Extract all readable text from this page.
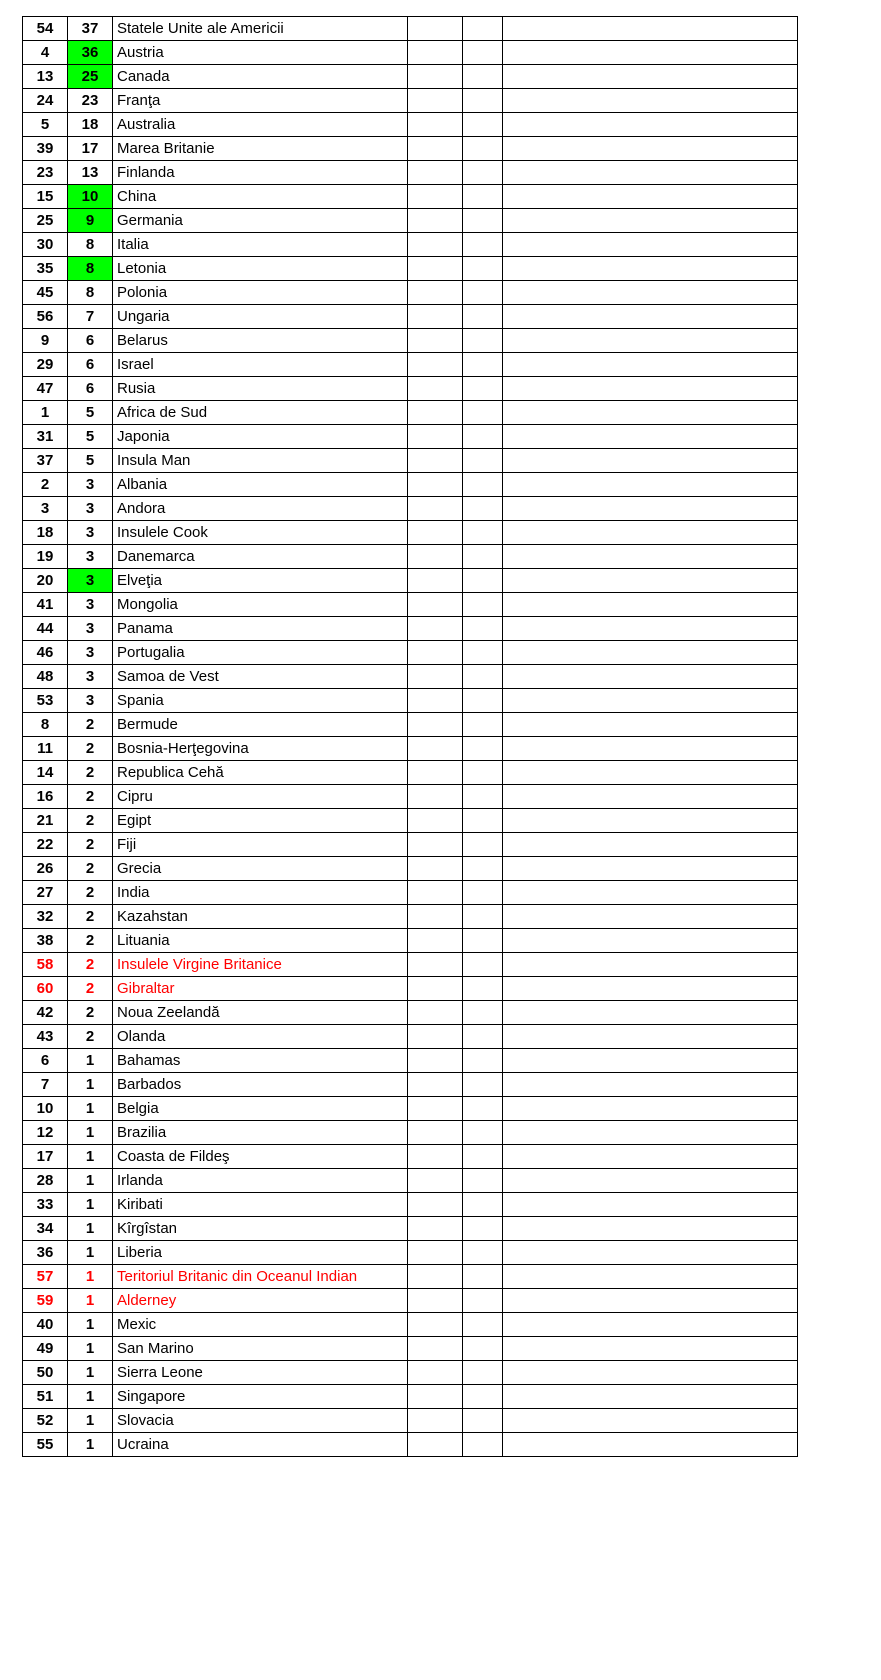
54	37	Statele Unite ale Americii			
4	36	Austria			
13	25	Canada			
24	23	Franţa			
5	18	Australia			
39	17	Marea Britanie			
23	13	Finlanda			
15	10	China			
25	9	Germania			
30	8	Italia			
35	8	Letonia			
45	8	Polonia			
56	7	Ungaria			
9	6	Belarus			
29	6	Israel			
47	6	Rusia			
1	5	Africa de Sud			
31	5	Japonia			
37	5	Insula Man			
2	3	Albania			
3	3	Andora			
18	3	Insulele Cook			
19	3	Danemarca			
20	3	Elveţia			
41	3	Mongolia			
44	3	Panama			
46	3	Portugalia			
48	3	Samoa de Vest			
53	3	Spania			
8	2	Bermude			
11	2	Bosnia-Herţegovina			
14	2	Republica Cehă			
16	2	Cipru			
21	2	Egipt			
22	2	Fiji			
26	2	Grecia			
27	2	India			
32	2	Kazahstan			
38	2	Lituania			
58	2	Insulele Virgine Britanice			
60	2	Gibraltar			
42	2	Noua Zeelandă			
43	2	Olanda			
6	1	Bahamas			
7	1	Barbados			
10	1	Belgia			
12	1	Brazilia			
17	1	Coasta de Fildeş			
28	1	Irlanda			
33	1	Kiribati			
34	1	Kîrgîstan			
36	1	Liberia			
57	1	Teritoriul Britanic din Oceanul Indian			
59	1	Alderney			
40	1	Mexic			
49	1	San Marino			
50	1	Sierra Leone			
51	1	Singapore			
52	1	Slovacia			
55	1	Ucraina			
